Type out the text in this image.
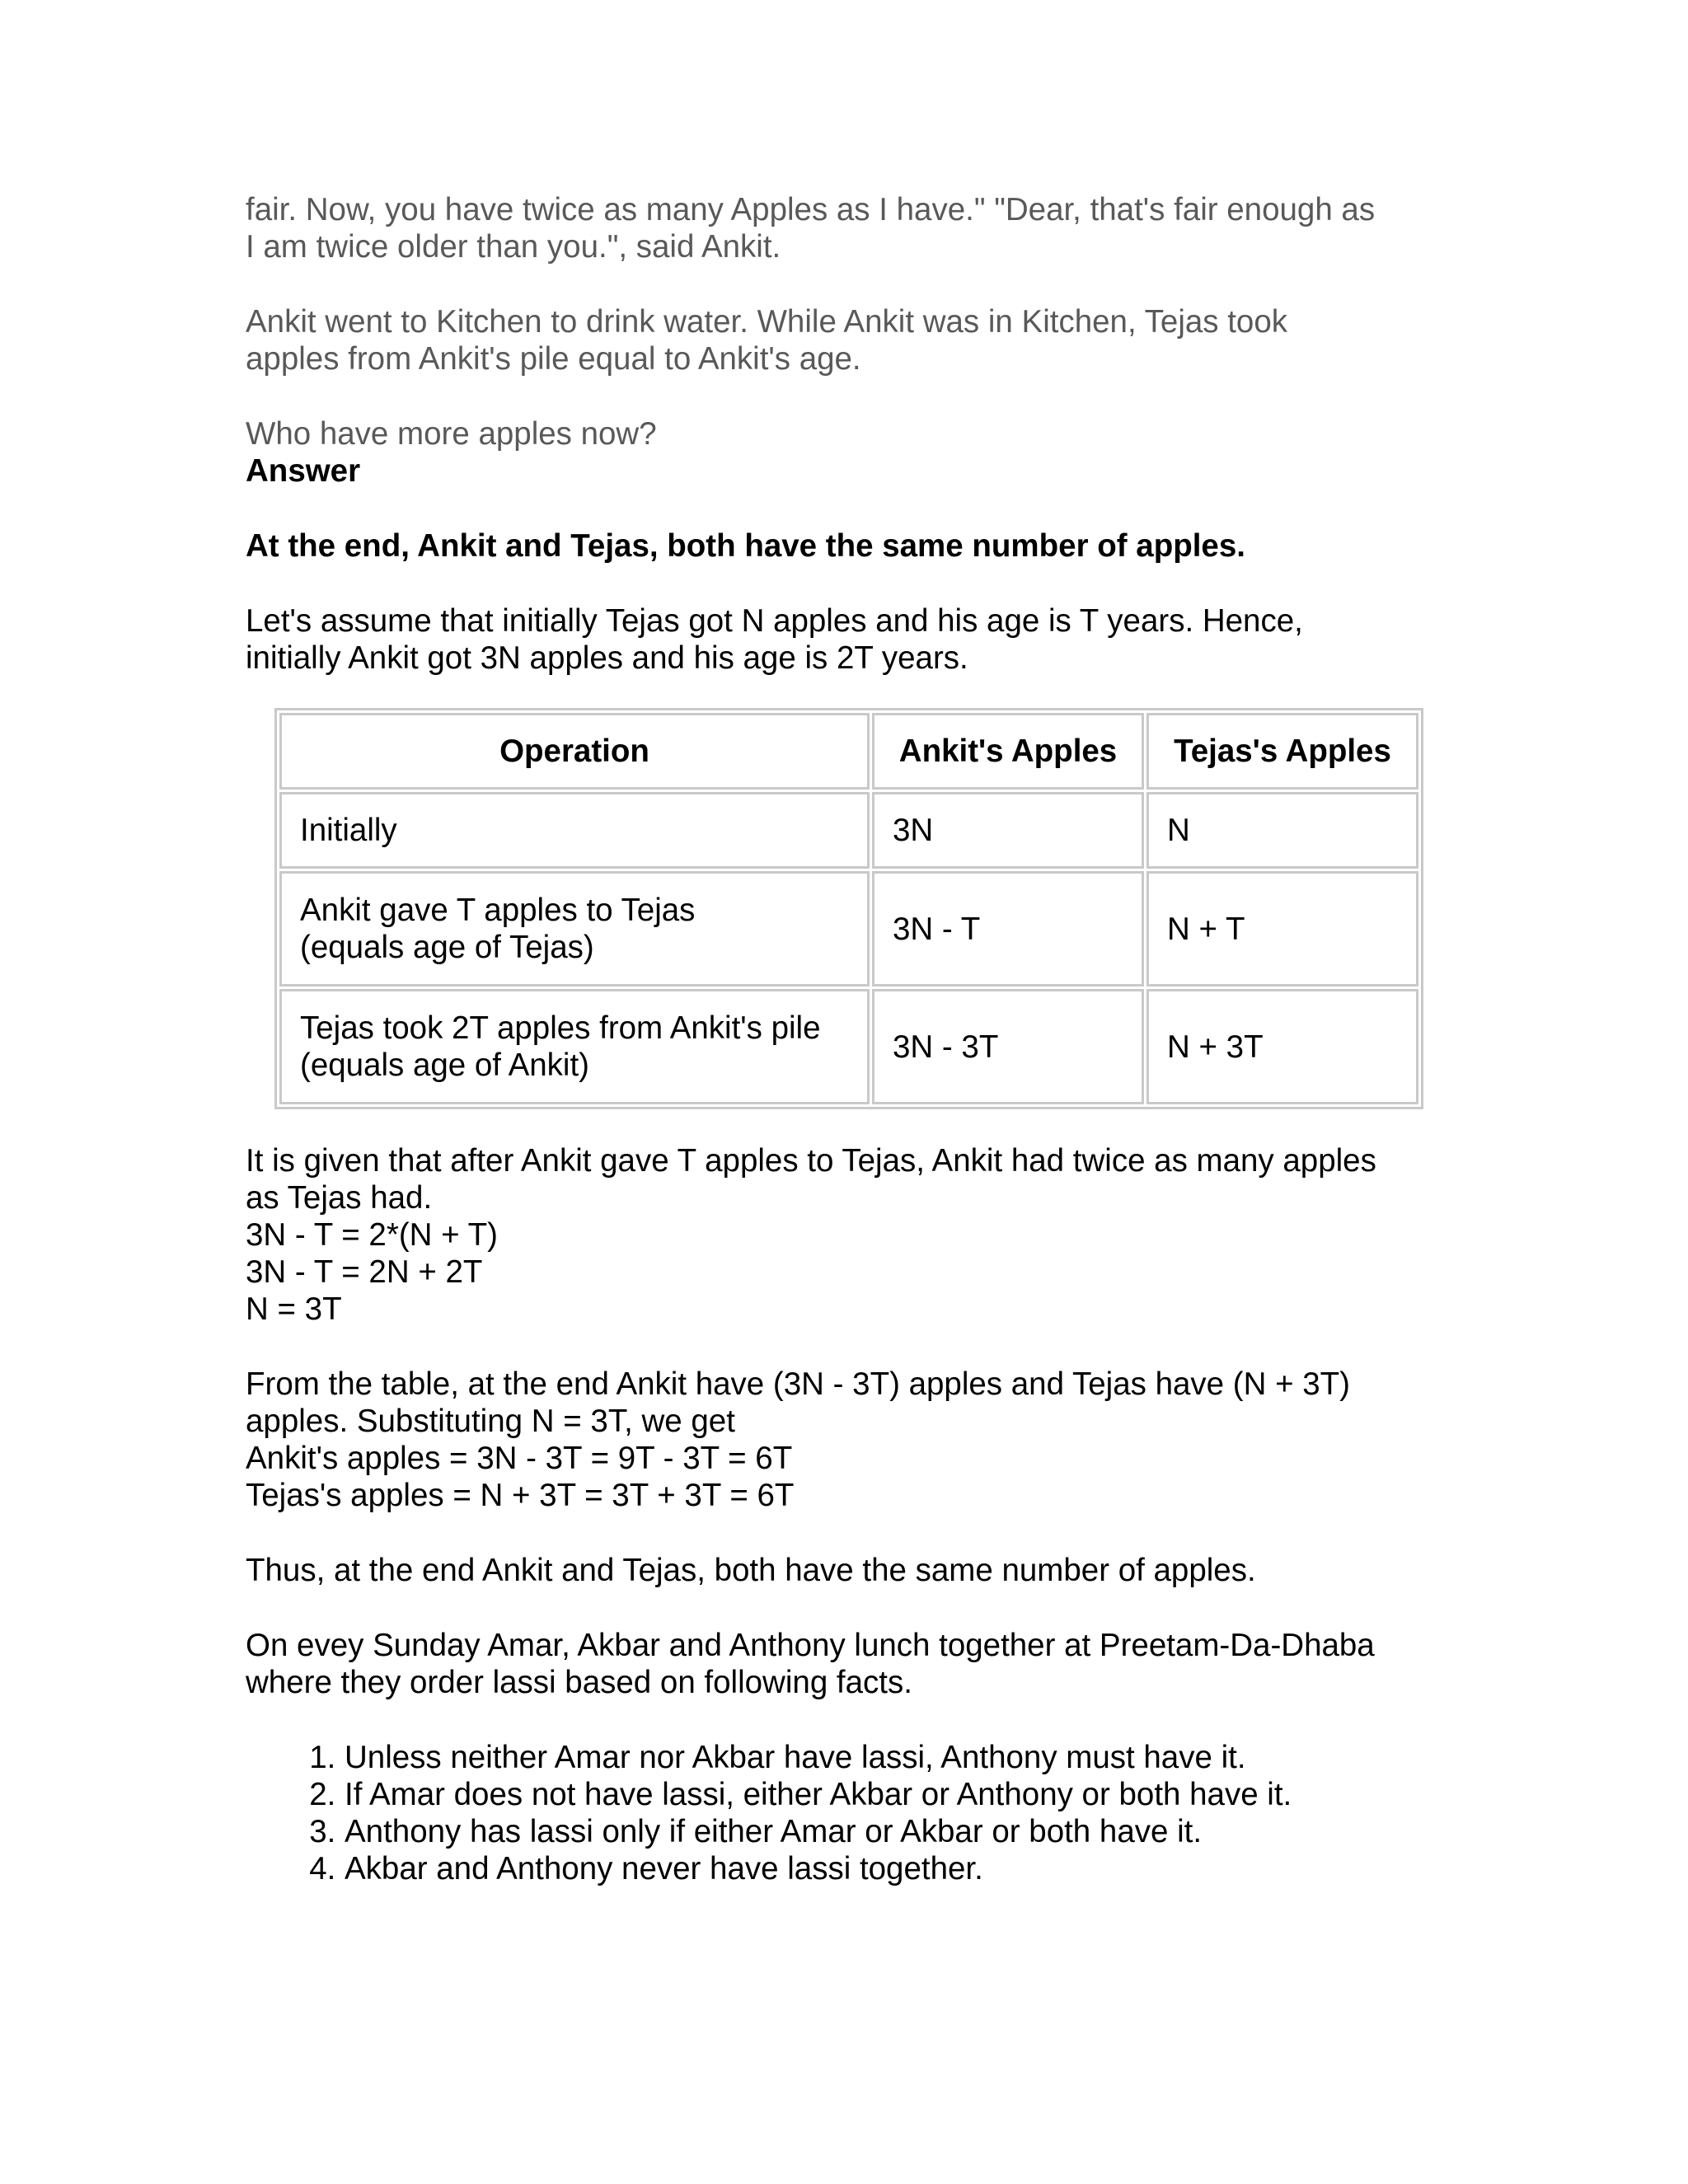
fair. Now, you have twice as many Apples as I have." "Dear, that's fair enough as

I am twice older than you.", said Ankit.

Ankit went to Kitchen to drink water. While Ankit was in Kitchen, Tejas took

apples from Ankit's pile equal to Ankit's age.

Who have more apples now?

Answer

At the end, Ankit and Tejas, both have the same number of apples.

Let's assume that initially Tejas got N apples and his age is T years. Hence,

initially Ankit got 3N apples and his age is 2T years.

Operation	Ankit's Apples	Tejas's Apples
Initially	3N	N
Ankit gave T apples to Tejas
(equals age of Tejas)	3N - T	N + T
Tejas took 2T apples from Ankit's pile
(equals age of Ankit)	3N - 3T	N + 3T

It is given that after Ankit gave T apples to Tejas, Ankit had twice as many apples

as Tejas had.

3N - T = 2*(N + T)

3N - T = 2N + 2T

N = 3T

From the table, at the end Ankit have (3N - 3T) apples and Tejas have (N + 3T)

apples. Substituting N = 3T, we get

Ankit's apples = 3N - 3T = 9T - 3T = 6T

Tejas's apples = N + 3T = 3T + 3T = 6T

Thus, at the end Ankit and Tejas, both have the same number of apples.

On evey Sunday Amar, Akbar and Anthony lunch together at Preetam-Da-Dhaba

where they order lassi based on following facts.

1. Unless neither Amar nor Akbar have lassi, Anthony must have it.
2. If Amar does not have lassi, either Akbar or Anthony or both have it.
3. Anthony has lassi only if either Amar or Akbar or both have it.
4. Akbar and Anthony never have lassi together.
